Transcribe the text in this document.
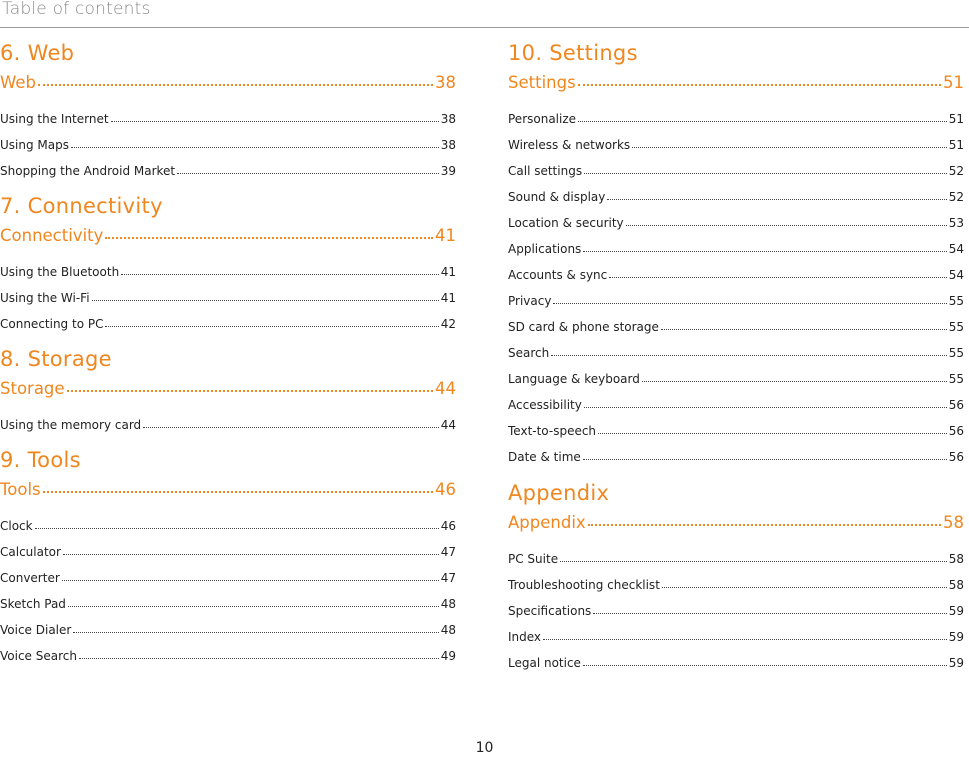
Table of contents
6. Web
Web	38
Using the Internet	38
Using Maps	38
Shopping the Android Market	39
7. Connectivity
Connectivity	41
Using the Bluetooth	41
Using the Wi-Fi	41
Connecting to PC	42
8. Storage
Storage	44
Using the memory card	44
9. Tools
Tools	46
Clock	46
Calculator	47
Converter	47
Sketch Pad	48
Voice Dialer	48
Voice Search	49
10. Settings
Settings	51
Personalize	51
Wireless & networks	51
Call settings	52
Sound & display	52
Location & security	53
Applications	54
Accounts & sync	54
Privacy	55
SD card & phone storage	55
Search	55
Language & keyboard	55
Accessibility	56
Text-to-speech	56
Date & time	56
Appendix
Appendix	58
PC Suite	58
Troubleshooting checklist	58
Specifications	59
Index	59
Legal notice	59
10
